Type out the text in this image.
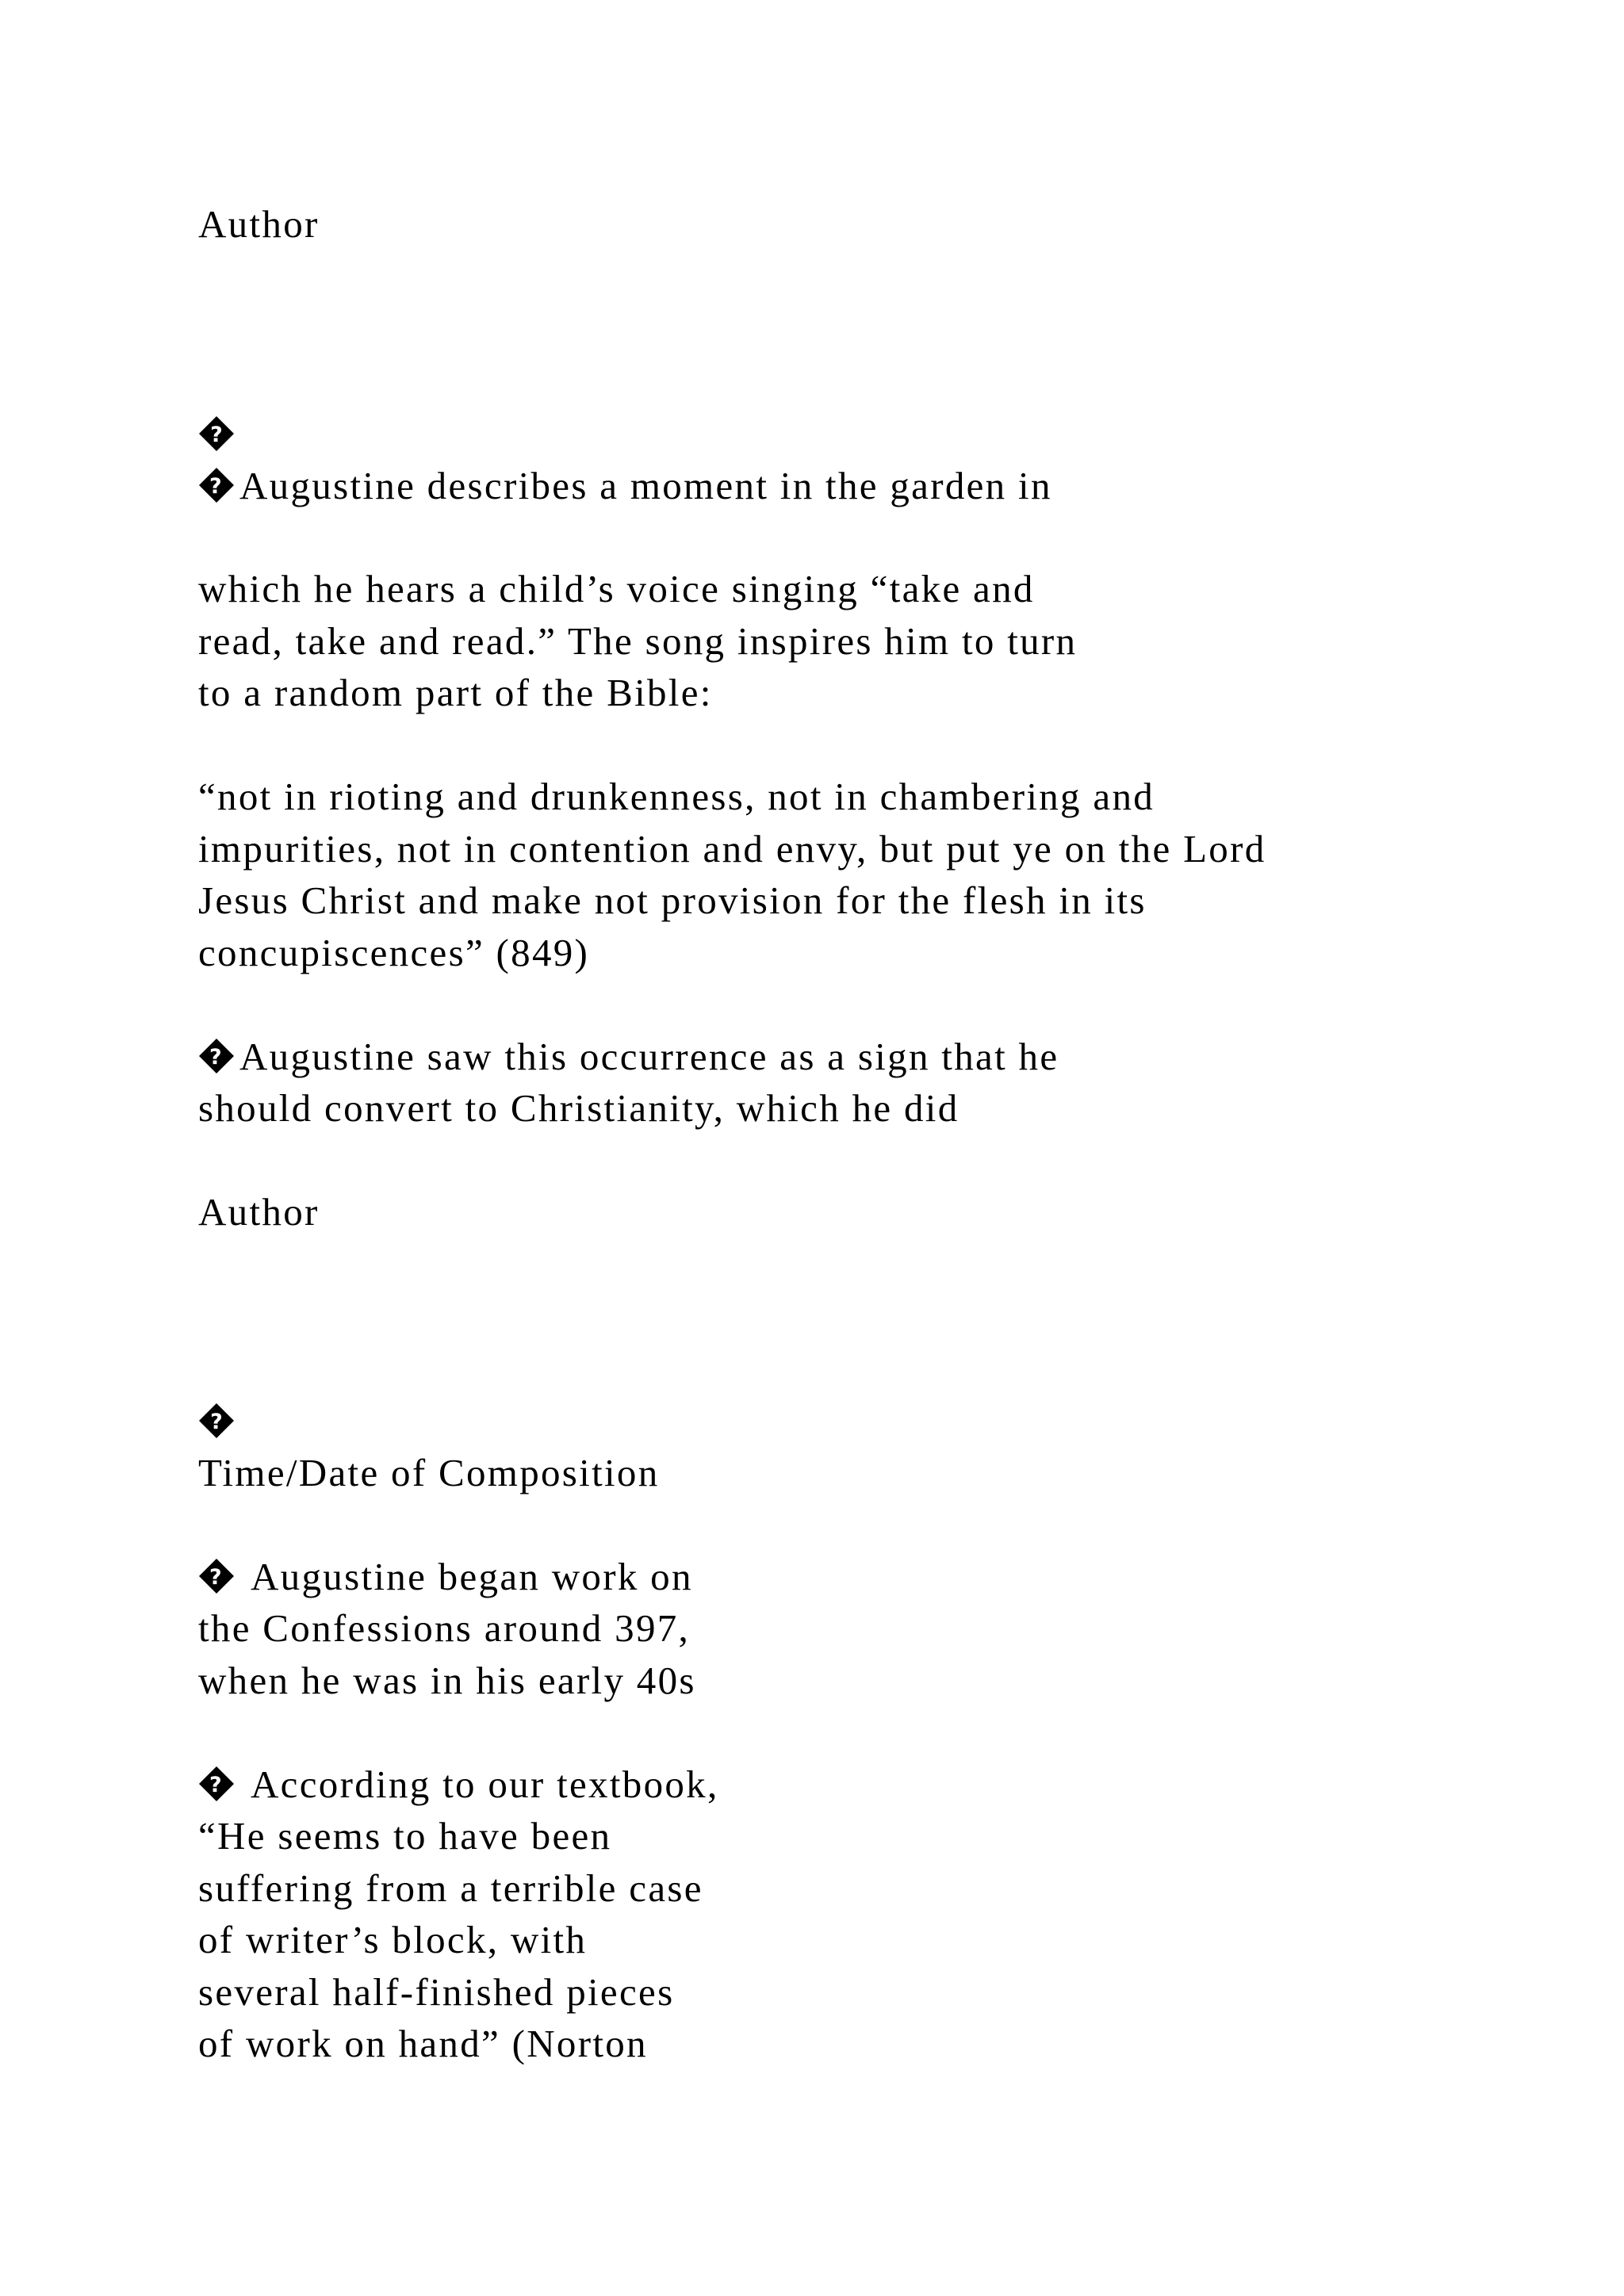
Author
?
? Augustine describes a moment in the garden in
which he hears a child’s voice singing “take and
read, take and read.” The song inspires him to turn
to a random part of the Bible:
“not in rioting and drunkenness, not in chambering and
impurities, not in contention and envy, but put ye on the Lord
Jesus Christ and make not provision for the flesh in its
concupiscences” (849)
? Augustine saw this occurrence as a sign that he
should convert to Christianity, which he did
Author
?
Time/Date of Composition
? Augustine began work on
the Confessions around 397,
when he was in his early 40s
? According to our textbook,
“He seems to have been
suffering from a terrible case
of writer’s block, with
several half-finished pieces
of work on hand” (Norton
